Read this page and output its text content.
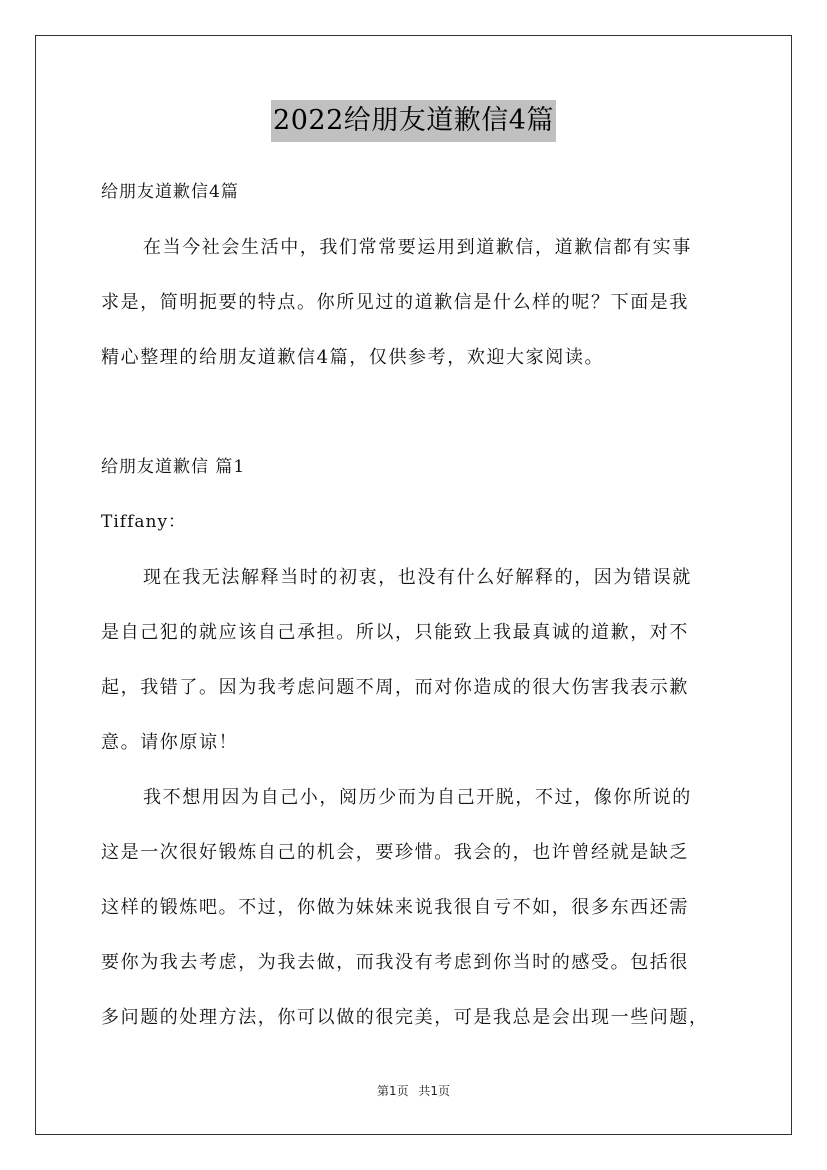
2022给朋友道歉信4篇
给朋友道歉信4篇
在当今社会生活中，我们常常要运用到道歉信，道歉信都有实事
求是，简明扼要的特点。你所见过的道歉信是什么样的呢？下面是我
精心整理的给朋友道歉信4篇，仅供参考，欢迎大家阅读。
给朋友道歉信 篇1
Tiffany：
现在我无法解释当时的初衷，也没有什么好解释的，因为错误就
是自己犯的就应该自己承担。所以，只能致上我最真诚的道歉，对不
起，我错了。因为我考虑问题不周，而对你造成的很大伤害我表示歉
意。请你原谅！
我不想用因为自己小，阅历少而为自己开脱，不过，像你所说的
这是一次很好锻炼自己的机会，要珍惜。我会的，也许曾经就是缺乏
这样的锻炼吧。不过，你做为妹妹来说我很自亏不如，很多东西还需
要你为我去考虑，为我去做，而我没有考虑到你当时的感受。包括很
多问题的处理方法，你可以做的很完美，可是我总是会出现一些问题，
第1页 共1页
